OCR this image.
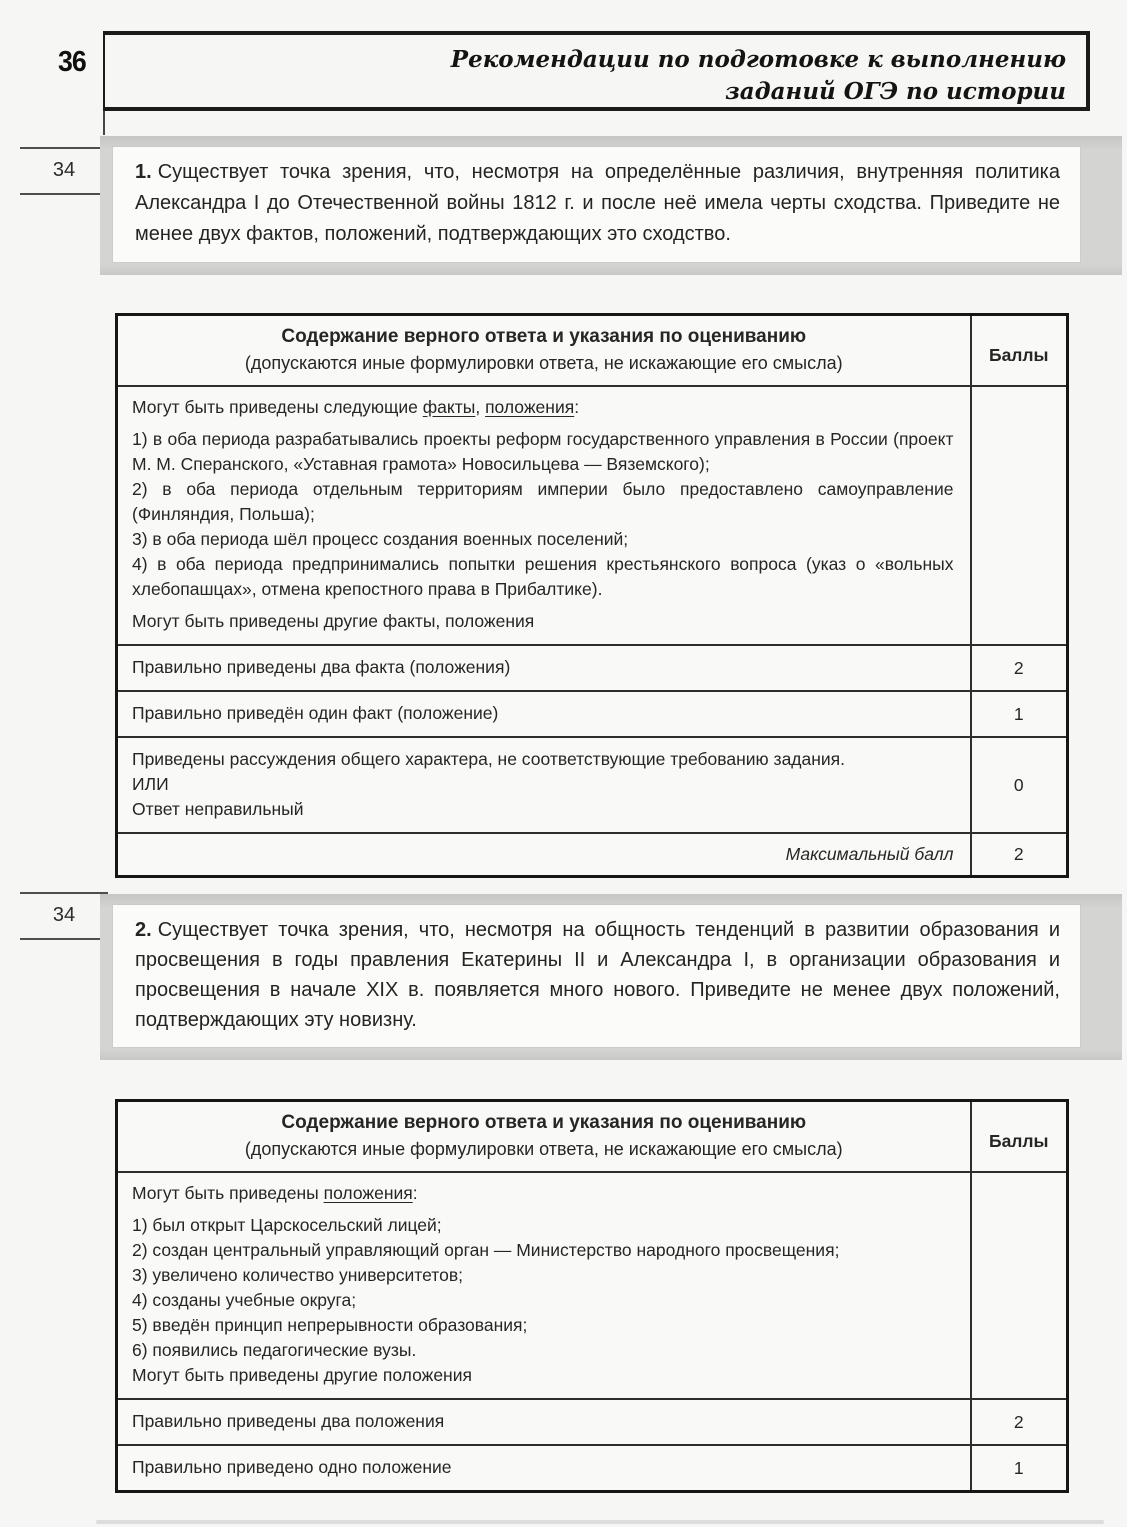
36	Рекомендации по подготовке к выполнению
заданий ОГЭ по истории
34	1. Существует точка зрения, что, несмотря на определённые различия, внутренняя политика Александра I до Отечественной войны 1812 г. и после неё имела черты сходства. Приведите не менее двух фактов, положений, подтверждающих это сходство.

Содержание верного ответа и указания по оцениванию
(допускаются иные формулировки ответа, не искажающие его смысла)	Баллы

Могут быть приведены следующие факты, положения:

1) в оба периода разрабатывались проекты реформ государственного управления в России (проект М. М. Сперанского, «Уставная грамота» Новосильцева — Вяземского);

2) в оба периода отдельным территориям империи было предоставлено самоуправление (Финляндия, Польша);

3) в оба периода шёл процесс создания военных поселений;

4) в оба периода предпринимались попытки решения крестьянского вопроса (указ о «вольных хлебопашцах», отмена крепостного права в Прибалтике).

Могут быть приведены другие факты, положения

Правильно приведены два факта (положения)	2
Правильно приведён один факт (положение)	1

Приведены рассуждения общего характера, не соответствующие требованию задания.
ИЛИ
Ответ неправильный	0
Максимальный балл	2
34

2. Существует точка зрения, что, несмотря на общность тенденций в развитии образования и просвещения в годы правления Екатерины II и Александра I, в организации образования и просвещения в начале XIX в. появляется много нового. Приведите не менее двух положений, подтверждающих эту новизну.

Содержание верного ответа и указания по оцениванию
(допускаются иные формулировки ответа, не искажающие его смысла)	Баллы

Могут быть приведены положения:

1) был открыт Царскосельский лицей;

2) создан центральный управляющий орган — Министерство народного просвещения;

3) увеличено количество университетов;

4) созданы учебные округа;

5) введён принцип непрерывности образования;

6) появились педагогические вузы.

Могут быть приведены другие положения

Правильно приведены два положения	2
Правильно приведено одно положение	1
